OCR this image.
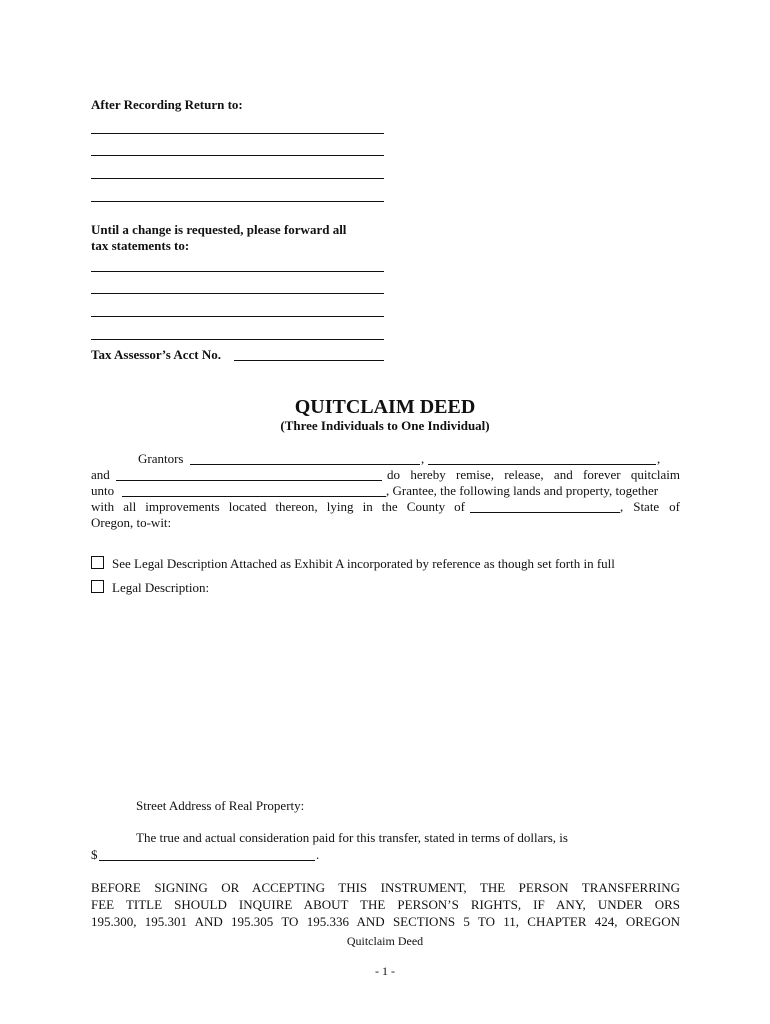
After Recording Return to:
Until a change is requested, please forward all
tax statements to:
Tax Assessor’s Acct No.
QUITCLAIM DEED
(Three Individuals to One Individual)
Grantors	,	,
and	do hereby remise, release, and forever quitclaim
unto	, Grantee, the following lands and property, together
with all improvements located thereon, lying in the County of	, State of
Oregon, to-wit:
See Legal Description Attached as Exhibit A incorporated by reference as though set forth in full
Legal Description:
Street Address of Real Property:
The true and actual consideration paid for this transfer, stated in terms of dollars, is
$	.
BEFORE SIGNING OR ACCEPTING THIS INSTRUMENT, THE PERSON TRANSFERRING
FEE TITLE SHOULD INQUIRE ABOUT THE PERSON’S RIGHTS, IF ANY, UNDER ORS
195.300, 195.301 AND 195.305 TO 195.336 AND SECTIONS 5 TO 11, CHAPTER 424, OREGON
Quitclaim Deed
- 1 -
